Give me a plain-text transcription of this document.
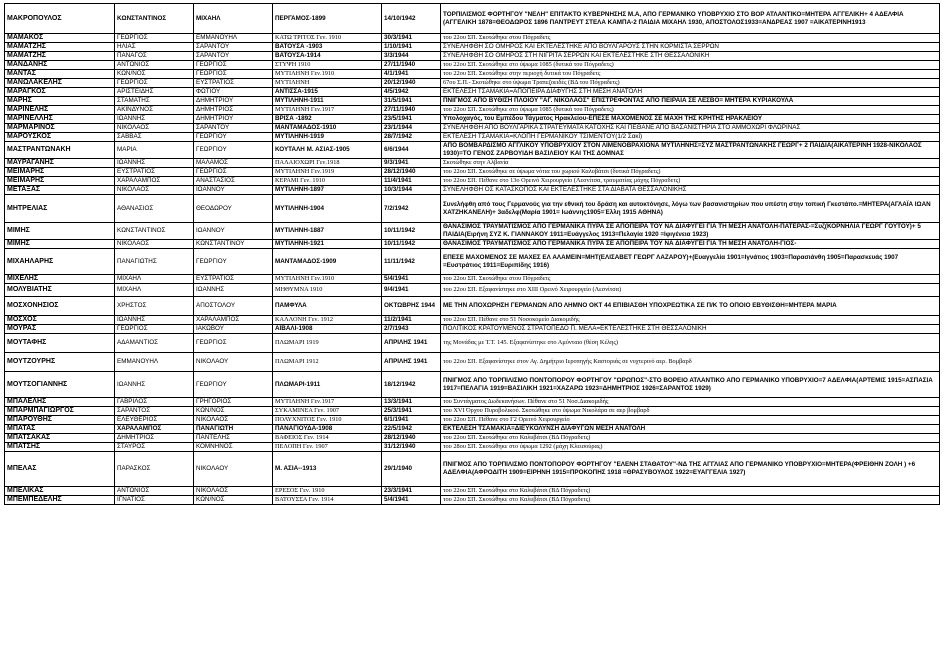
ΜΑΚΡΟΠΟΥΛΟΣ	ΚΩΝΣΤΑΝΤΙΝΟΣ	ΜΙΧΑΗΛ	ΠΕΡΓΑΜΟΣ-1899	14/10/1942	ΤΟΡΠΙΛΙΣΜΟΣ ΦΟΡΤΗΓΟΥ "ΝΕΛΗ" ΕΠΙΤΑΚΤΟ ΚΥΒΕΡΝΗΣΗΣ Μ.Α, ΑΠΟ ΓΕΡΜΑΝΙΚΟ ΥΠΟΒΡΥΧΙΟ ΣΤΟ ΒΟΡ ΑΤΛΑΝΤΙΚΟ=ΜΗΤΕΡΑ ΑΓΓΕΛΙΚΗ+ 4 ΑΔΕΛΦΙΑ (ΑΓΓΕΛΙΚΗ 1878=ΘΕΟΔΩΡΟΣ 1896 ΠΑΝΤΡΕΥΤ ΣΤΕΛΑ ΚΑΜΠΑ-2 ΠΑΙΔΙΑ ΜΙΧΑΗΛ 1930, ΑΠΟΣΤΟΛΟΣ1933=ΑΝΔΡΕΑΣ 1907 =ΑΙΚΑΤΕΡΙΝΗ1913
ΜΑΜΑΚΟΣ	ΓΕΩΡΓΙΟΣ	ΕΜΜΑΝΟΥΗΛ	ΚΑΤΩ ΤΡΙΤΟΣ Γεν. 1910	30/3/1941	του 22ου ΣΠ. Σκοτώθηκε στου Πόγραδετς
ΜΑΜΑΤΖΗΣ	ΗΛΙΑΣ	ΣΑΡΑΝΤΟΥ	ΒΑΤΟΥΣΑ -1903	1/10/1941	ΣΥΝΕΛΗΦΘΗ ΣΟ ΟΜΗΡΟΣ ΚΑΙ ΕΚΤΕΛΕΣΤΗΚΕ ΑΠΟ ΒΟΥΛΓΑΡΟΥΣ ΣΤΗΝ ΚΟΡΜΙΣΤΑ ΣΕΡΡΩΝ
ΜΑΜΑΤΖΗΣ	ΠΑΝΑΓΟΣ	ΣΑΡΑΝΤΟΥ	ΒΑΤΟΥΣΑ-1914	3/3/1944	ΣΥΝΕΛΗΦΘΗ ΣΟ ΟΜΗΡΟΣ ΣΤΗ ΝΙΓΡΙΤΑ ΣΕΡΡΩΝ ΚΑΙ ΕΚΤΕΛΕΣΤΗΚΕ ΣΤΗ ΘΕΣΣΑΛΟΝΙΚΗ
ΜΑΝΔΑΝΗΣ	ΑΝΤΩΝΙΟΣ	ΓΕΩΡΓΙΟΣ	ΣΤΥΨΗ 1910	27/11/1940	του 22ου ΣΠ. Σκοτώθηκε στο ύψωμα 1085 (δυτικά του Πόγραδετς)
ΜΑΝΤΑΣ	ΚΩΝ/ΝΟΣ	ΓΕΩΡΓΙΟΣ	ΜΥΤΙΛΗΝΗ Γεν.1910	4/1/1941	του 22ου ΣΠ. Σκοτώθηκε στην περιοχή δυτικά του Πόγραδετς
ΜΑΝΩΛΑΚΕΛΗΣ	ΓΕΩΡΓΙΟΣ	ΕΥΣΤΡΑΤΙΟΣ	ΜΥΤΙΛΗΝΗ	20/12/1940	67ου Σ.Π.- Σκοτώθηκε στο ύψωμα Τραπεζοειδές (ΒΔ του Πόγραδετς)
ΜΑΡΑΓΚΟΣ	ΑΡΙΣΤΕΙΔΗΣ	ΦΩΤΙΟΥ	ΑΝΤΙΣΣΑ-1915	4/5/1942	ΕΚΤΕΛΕΣΗ ΤΣΑΜΑΚΙΑ=ΑΠΟΠΕΙΡΑ ΔΙΑΦΥΓΗΣ ΣΤΗ ΜΕΣΗ ΑΝΑΤΟΛΗ
ΜΑΡΗΣ	ΣΤΑΜΑΤΗΣ	ΔΗΜΗΤΡΙΟΥ	ΜΥΤΙΛΗΝΗ-1911	31/5/1941	ΠΝΙΓΜΟΣ ΑΠΟ ΒΥΘΙΣΗ ΠΛΟΙΟΥ "ΑΓ. ΝΙΚΟΛΑΟΣ" ΕΠΙΣΤΡΕΦΟΝΤΑΣ ΑΠΟ ΠΕΙΡΑΙΑ ΣΕ ΛΕΣΒΟ= ΜΗΤΕΡΑ ΚΥΡΙΑΚΟΥΛΑ
ΜΑΡΙΝΕΛΗΣ	ΑΚΙΝΔΥΝΟΣ	ΔΗΜΗΤΡΙΟΣ	ΜΥΤΙΛΗΝΗ Γεν.1917	27/11/1940	του 22ου ΣΠ. Σκοτώθηκε στο ύψωμα 1085 (δυτικά του Πόγραδετς)
ΜΑΡΙΝΕΛΛΗΣ	ΙΩΑΝΝΗΣ	ΔΗΜΗΤΡΙΟΥ	ΒΡΙΣΑ -1892	23/5/1941	Υπολοχαγός, του Εμπέδου Τάγματος Ηρακλείου-ΕΠΕΣΕ ΜΑΧΟΜΕΝΟΣ ΣΕ ΜΑΧΗ ΤΗΣ ΚΡΗΤΗΣ ΗΡΑΚΛΕΙΟΥ
ΜΑΡΜΑΡΙΝΟΣ	ΝΙΚΟΛΑΟΣ	ΣΑΡΑΝΤΟΥ	ΜΑΝΤΑΜΑΔΟΣ-1910	23/1/1944	ΣΥΝΕΛΗΦΘΗ ΑΠΟ ΒΟΥΛΓΑΡΙΚΑ ΣΤΡΑΤΕΥΜΑΤΑ ΚΑΤΟΧΗΣ ΚΑΙ ΠΕΘΑΝΕ ΑΠΟ ΒΑΣΑΝΙΣΤΗΡΙΑ ΣΤΟ ΑΜΜΟΧΩΡΙ ΦΛΩΡΙΝΑΣ
ΜΑΡΟΥΣΚΟΣ	ΣΑΒΒΑΣ	ΓΕΩΡΓΙΟΥ	ΜΥΤΙΛΗΝΗ-1919	28/7/1942	ΕΚΤΕΛΕΣΗ ΤΣΑΜΑΚΙΑ=ΚΛΟΠΗ ΓΕΡΜΑΝΙΚΟΥ ΤΣΙΜΕΝΤΟΥ(1/2 Σακί)
ΜΑΣΤΡΑΝΤΩΝΑΚΗ	ΜΑΡΙΑ	ΓΕΩΡΓΙΟΥ	ΚΟΥΤΑΛΗ Μ. ΑΣΙΑΣ-1905	6/6/1944	ΑΠΟ ΒΟΜΒΑΡΔΙΣΜΟ ΑΓΓΛΙΚΟΥ ΥΠΟΒΡΥΧΙΟΥ ΣΤΟΝ ΛΙΜΕΝΟΒΡΑΧΙΟΝΑ ΜΥΤΙΛΗΝΗΣ=ΣΥΖ ΜΑΣΤΡΑΝΤΩΝΑΚΗΣ ΓΕΩΡΓ+ 2 ΠΑΙΔΙΑ(ΑΙΚΑΤΕΡΙΝΗ 1928-ΝΙΚΟΛΑΟΣ 1930)=ΤΟ ΓΕΝΟΣ ΖΑΡΒΟΥΙΔΗ ΒΑΣΙΛΕΙΟΥ ΚΑΙ ΤΗΣ ΔΟΜΝΑΣ
ΜΑΥΡΑΓΑΝΗΣ	ΙΩΑΝΝΗΣ	ΜΑΛΑΜΟΣ	ΠΑΛΑΙΟΧΩΡΙ Γεν.1918	9/3/1941	Σκοτώθηκε στην Αλβανία
ΜΕΙΜΑΡΗΣ	ΕΥΣΤΡΑΤΙΟΣ	ΓΕΩΡΓΙΟΣ	ΜΥΤΙΛΗΝΗ Γεν.1919	28/12/1940	του 22ου ΣΠ. Σκοτώθηκε σε ύψωμα νότια του χωριού Καλυβάτσι (δυτικά Πόγραδετς)
ΜΕΙΜΑΡΗΣ	ΧΑΡΑΛΑΜΠΟΣ	ΑΝΑΣΤΑΣΙΟΣ	ΚΕΡΑΜΙ Γεν. 1910	11/4/1941	του 22ου ΣΠ. Πέθανε στο 13ο Ορεινό Χειρουργείο (Λεσνίτσα, τραυματίας μάχης Πόγραδετς)
ΜΕΤΑΞΑΣ	ΝΙΚΟΛΑΟΣ	ΙΩΑΝΝΟΥ	ΜΥΤΙΛΗΝΗ-1897	10/3/1944	ΣΥΝΕΛΗΦΘΗ ΟΣ ΚΑΤΑΣΚΟΠΟΣ ΚΑΙ ΕΚΤΕΛΕΣΤΗΚΕ ΣΤΑ ΔΙΑΒΑΤΑ ΘΕΣΣΑΛΟΝΙΚΗΣ
ΜΗΤΡΕΛΙΑΣ	ΑΘΑΝΑΣΙΟΣ	ΘΕΟΔΩΡΟΥ	ΜΥΤΙΛΗΝΗ-1904	7/2/1942	Συνελήφθη από τους Γερμανούς για την εθνική του δράση και αυτοκτόνησε, λόγω των βασανιστηρίων που υπέστη στην τοπική Γκεστάπο.=ΜΗΤΕΡΑ(ΑΓΛΑΪΑ ΙΩΑΝ ΧΑΤΖΗΚΑΝΕΛΗ)+ 3αδελφ(Μαρία 1901= Ιωάννης1905=Έλλη 1915 ΑΘΗΝΑ)
ΜΙΜΗΣ	ΚΩΝΣΤΑΝΤΙΝΟΣ	ΙΩΑΝΝΟΥ	ΜΥΤΙΛΗΝΗ-1887	10/11/1942	ΘΑΝΑΣΙΜΟΣ ΤΡΑΥΜΑΤΙΣΜΟΣ ΑΠΟ ΓΕΡΜΑΝΙΚΑ ΠΥΡΑ ΣΕ ΑΠΟΠΕΙΡΑ ΤΟΥ ΝΑ ΔΙΑΦΥΓΕΙ ΓΙΑ ΤΗ ΜΕΣΗ ΑΝΑΤΟΛΗ-ΠΑΤΕΡΑΣ-=Συζ(ΚΟΡΝΗΛΙΑ ΓΕΩΡΓ ΓΟΥΤΟΥ)+ 5 ΠΑΙΔΙΑ(Ειρήνη ΣΥΖ Κ. ΓΙΑΝΝΑΚΟΥ 1911=Ευάγγελος 1913=Πελαγία 1920 =Ιφιγένεια 1923)
ΜΙΜΗΣ	ΝΙΚΟΛΑΟΣ	ΚΩΝΣΤΑΝΤΙΝΟΥ	ΜΥΤΙΛΗΝΗ-1921	10/11/1942	ΘΑΝΑΣΙΜΟΣ ΤΡΑΥΜΑΤΙΣΜΟΣ ΑΠΟ ΓΕΡΜΑΝΙΚΑ ΠΥΡΑ ΣΕ ΑΠΟΠΕΙΡΑ ΤΟΥ ΝΑ ΔΙΑΦΥΓΕΙ ΓΙΑ ΤΗ ΜΕΣΗ ΑΝΑΤΟΛΗ-ΓΙΟΣ-
ΜΙΧΑΗΛΑΡΗΣ	ΠΑΝΑΓΙΩΤΗΣ	ΓΕΩΡΓΙΟΥ	ΜΑΝΤΑΜΑΔΟΣ-1909	11/11/1942	ΕΠΕΣΕ ΜΑΧΟΜΕΝΟΣ ΣΕ ΜΑΧΕΣ ΕΛ ΑΛΑΜΕΙΝ=ΜΗΤ(ΕΛΙΣΑΒΕΤ ΓΕΩΡΓ ΛΑΖΑΡΟΥ)+(Ευαγγελία 1901=Ιγνάτιος 1903=Παρασιάνθη 1905=Παρασκευάς 1907 =Ευστράτιος 1911=Ευριπίδης 1916)
ΜΙΧΕΛΗΣ	ΜΙΧΑΗΛ	ΕΥΣΤΡΑΤΙΟΣ	ΜΥΤΙΛΗΝΗ Γεν.1910	5/4/1941	του 22ου ΣΠ. Σκοτώθηκε στου Πόγραδετς
ΜΟΛΥΒΙΑΤΗΣ	ΜΙΧΑΗΛ	ΙΩΑΝΝΗΣ	ΜΗΘΥΜΝΑ 1910	9/4/1941	του 22ου ΣΠ. Εξαφανίστηκε στο ΧΙΙΙ Ορεινό Χειρουργείο (Λεσνίτσα)
ΜΟΣΧΟΝΗΣΙΟΣ	ΧΡΗΣΤΟΣ	ΑΠΟΣΤΟΛΟΥ	ΠΑΜΦΥΛΑ	ΟΚΤΩΒΡΗΣ 1944	ΜΕ ΤΗΝ ΑΠΟΧΩΡΗΣΗ ΓΕΡΜΑΝΩΝ ΑΠΟ ΛΗΜΝΟ ΟΚΤ 44 ΕΠΙΒΙΑΣΘΗ ΥΠΟΧΡΕΩΤΙΚΑ ΣΕ Π/Κ ΤΟ ΟΠΟΙΟ ΕΒΥΘΙΣΘΗ=ΜΗΤΕΡΑ ΜΑΡΙΑ
ΜΟΣΧΟΣ	ΙΩΑΝΝΗΣ	ΧΑΡΑΛΑΜΠΟΣ	ΚΑΛΛΟΝΗ Γεν. 1912	11/2/1941	του 22ου ΣΠ. Πέθανε στο 51 Νοσοκομείο Διακομιδής
ΜΟΥΡΑΣ	ΓΕΩΡΓΙΟΣ	ΙΑΚΩΒΟΥ	ΑΪΒΑΛΙ-1908	2/7/1943	ΠΟΛΙΤΙΚΟΣ ΚΡΑΤΟΥΜΕΝΟΣ ΣΤΡΑΤΟΠΕΔΟ Π. ΜΕΛΑ=ΕΚΤΕΛΕΣΤΗΚΕ ΣΤΗ ΘΕΣΣΑΛΟΝΙΚΗ
ΜΟΥΤΑΦΗΣ	ΑΔΑΜΑΝΤΙΟΣ	ΓΕΩΡΓΙΟΣ	ΠΛΩΜΑΡΙ 1919	ΑΠΡΙΛΗΣ 1941	της Μονάδας με Τ.Τ. 145. Εξαφανίστηκε στο Αμύνταιο (θέση Κέλης)
ΜΟΥΤΖΟΥΡΗΣ	ΕΜΜΑΝΟΥΗΛ	ΝΙΚΟΛΑΟΥ	ΠΛΩΜΑΡΙ 1912	ΑΠΡΙΛΗΣ 1941	του 22ου ΣΠ. Εξαφανίστηκε στον Αγ. Δημήτριο Ιεροπηγής Καστοριάς σε νυχτερινό αερ. Βομβαρδ
ΜΟΥΤΣΟΓΙΑΝΝΗΣ	ΙΩΑΝΝΗΣ	ΓΕΩΡΓΙΟΥ	ΠΛΩΜΑΡΙ-1911	18/12/1942	ΠΝΙΓΜΟΣ ΑΠΟ ΤΟΡΠΙΛΙΣΜΟ ΠΟΝΤΟΠΟΡΟΥ ΦΟΡΤΗΓΟΥ "ΩΡΩΠΟΣ"-ΣΤΟ ΒΟΡΕΙΟ ΑΤΛΑΝΤΙΚΟ ΑΠΟ ΓΕΡΜΑΝΙΚΟ ΥΠΟΒΡΥΧΙΟ=7 ΑΔΕΛΦΙΑ(ΑΡΤΕΜΙΣ 1915=ΑΣΠΑΣΙΑ 1917=ΠΕΛΑΓΙΑ 1919=ΒΑΣΙΛΙΚΗ 1921=ΧΑΖΑΡΩ 1923=ΔΗΜΗΤΡΙΟΣ 1926=ΣΑΡΑΝΤΟΣ 1929)
ΜΠΑΛΕΛΗΣ	ΓΑΒΡΙΛΟΣ	ΓΡΗΓΟΡΙΟΣ	ΜΥΤΙΛΗΝΗ Γεν.1917	13/3/1941	του Συντάγματος Δωδεκανήσων. Πέθανε στο 51 Νοσ.Διακομιδής
ΜΠΑΡΜΠΑΓΙΩΡΓΟΣ	ΣΑΡΑΝΤΟΣ	ΚΩΝ/ΝΟΣ	ΣΥΚΑΜΙΝΕΑ Γεν. 1907	25/3/1941	του ΧVΙ Όρχου Πυροβολικού. Σκοτώθηκε στο ύψωμα Νικολάρα σε αερ βομβαρδ
ΜΠΑΡΟΥΘΗΣ	ΕΛΕΥΘΕΡΙΟΣ	ΝΙΚΟΛΑΟΣ	ΠΟΛΥΧΝΙΤΟΣ Γεν. 1910	6/1/1941	του 22ου ΣΠ. Πέθανε στο Γ2 Ορεινό Χειρουργείο
ΜΠΑΤΑΣ	ΧΑΡΑΛΑΜΠΟΣ	ΠΑΝΑΓΙΩΤΗ	ΠΑΝΑΓΙΟΥΔΑ-1908	22/5/1942	ΕΚΤΕΛΕΣΗ ΤΣΑΜΑΚΙΑ=ΔΙΕΥΚΟΛΥΝΣΗ ΔΙΑΦΥΓΩΝ ΜΕΣΗ ΑΝΑΤΟΛΗ
ΜΠΑΤΣΑΚΑΣ	ΔΗΜΗΤΡΙΟΣ	ΠΑΝΤΕΛΗΣ	ΒΑΦΕΙΟΣ Γεν. 1914	28/12/1940	του 22ου ΣΠ. Σκοτώθηκε στο Καλυβάτσι (ΒΔ Πόγραδετς)
ΜΠΑΤΣΗΣ	ΣΤΑΥΡΟΣ	ΚΟΜΝΗΝΟΣ	ΠΕΛΟΠΗ Γεν. 1907	31/12/1940	του 28ου ΣΠ. Σκοτώθηκε στο ύψωμα 1292 (μάχη Κλεισούρας)
ΜΠΕΛΑΣ	ΠΑΡΑΣΚΟΣ	ΝΙΚΟΛΑΟΥ	Μ. ΑΣΙΑ--1913	29/1/1940	ΠΝΙΓΜΟΣ ΑΠΟ ΤΟΡΠΙΛΙΣΜΟ ΠΟΝΤΟΠΟΡΟΥ ΦΟΡΤΗΓΟΥ "ΕΛΕΝΗ ΣΤΑΘΑΤΟΥ"-ΝΔ ΤΗΣ ΑΓΓΛΙΑΣ ΑΠΟ ΓΕΡΜΑΝΙΚΟ ΥΠΟΒΡΥΧΙΟ=ΜΗΤΕΡΑ(ΦΡΕΙΘΗΝ ΖΟΛΗ ) +6 ΑΔΕΛΦΙΑ(ΑΦΡΟΔΙΤΗ 1909=ΕΙΡΗΝΗ 1915=ΠΡΟΚΟΠΗΣ 1918 =ΘΡΑΣΥΒΟΥΛΟΣ 1922=ΕΥΑΓΓΕΛΙΑ 1927)
ΜΠΕΛΙΚΑΣ	ΑΝΤΩΝΙΟΣ	ΝΙΚΟΛΑΟΣ	ΕΡΕΣΟΣ Γεν. 1910	23/3/1941	του 22ου ΣΠ. Σκοτώθηκε στο Καλυβάτσι (ΒΔ Πόγραδετς)
ΜΠΕΜΠΕΔΕΛΗΣ	ΙΓΝΑΤΙΟΣ	ΚΩΝ/ΝΟΣ	ΒΑΤΟΥΣΣΑ Γεν. 1914	5/4/1941	του 22ου ΣΠ. Σκοτώθηκε στο Καλυβάτσι (ΒΔ Πόγραδετς)
